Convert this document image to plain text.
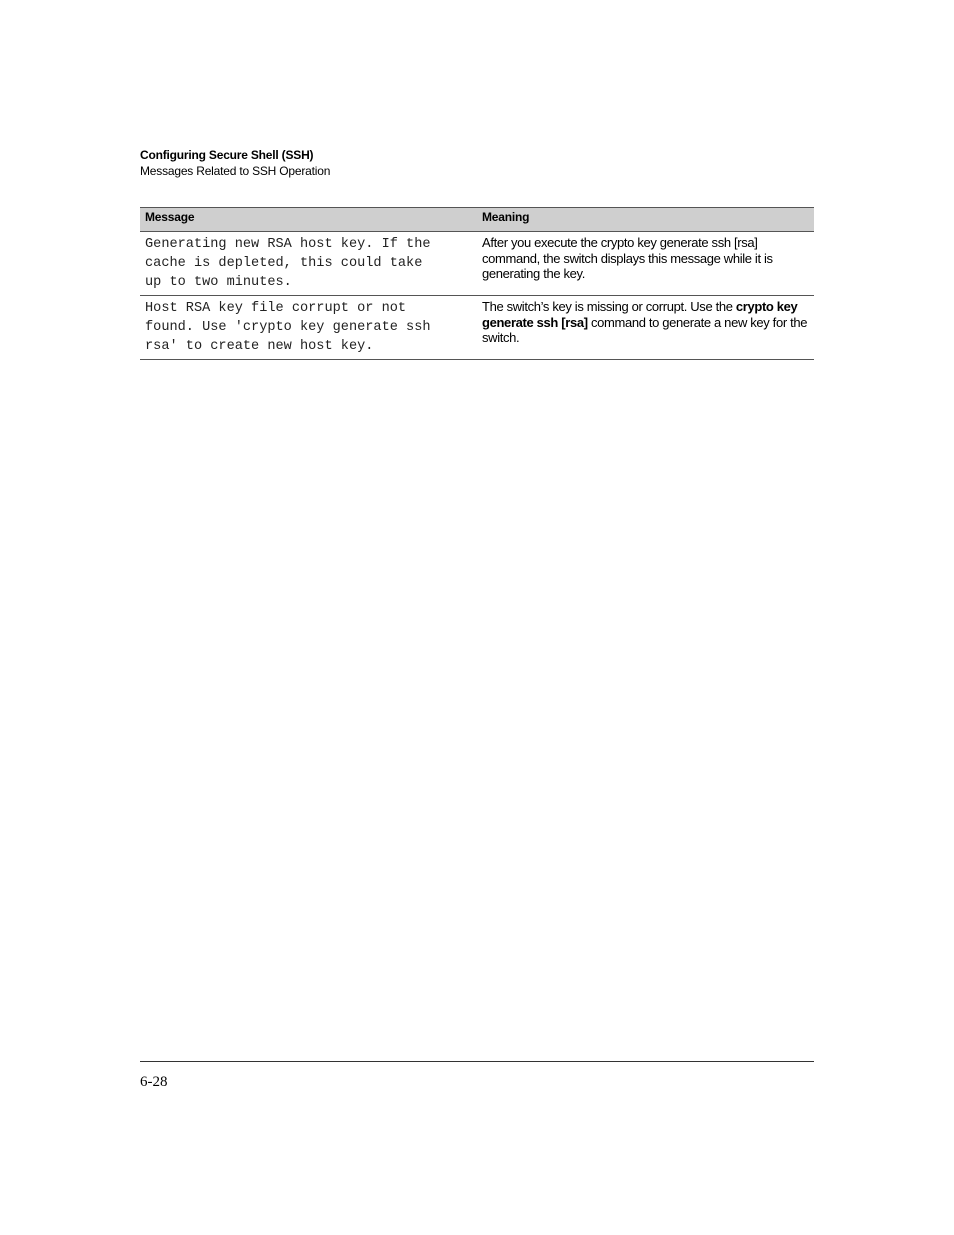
Configuring Secure Shell (SSH)
Messages Related to SSH Operation
Message	Meaning

Generating new RSA host key. If the
cache is depleted, this could take
up to two minutes.	After you execute the crypto key generate ssh [rsa] command, the switch displays this message while it is generating the key.

Host RSA key file corrupt or not
found. Use 'crypto key generate ssh
rsa' to create new host key.	The switch’s key is missing or corrupt. Use the crypto key generate ssh [rsa] command to generate a new key for the switch.
6-28
